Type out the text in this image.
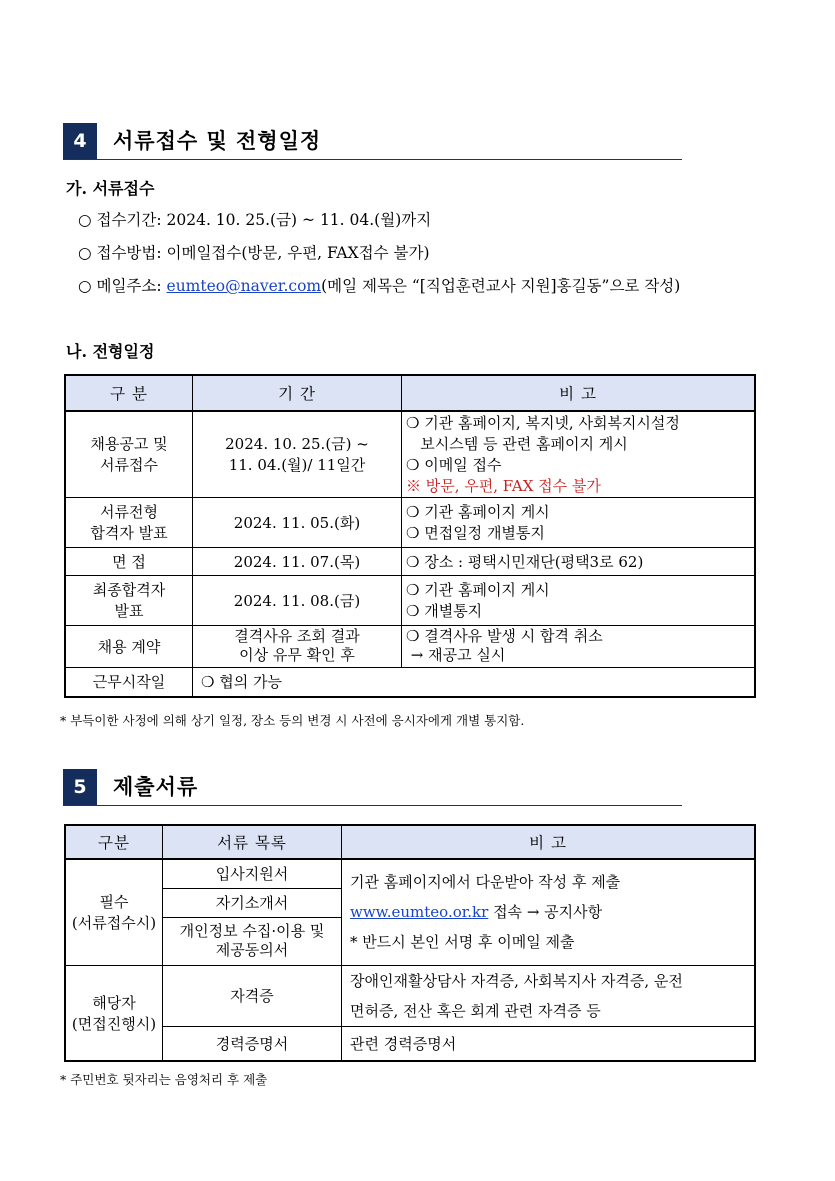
4	서류접수 및 전형일정
가. 서류접수
○ 접수기간: 2024. 10. 25.(금) ~ 11. 04.(월)까지
○ 접수방법: 이메일접수(방문, 우편, FAX접수 불가)
○ 메일주소: eumteo@naver.com(메일 제목은 “[직업훈련교사 지원]홍길동”으로 작성)
나. 전형일정
구 분	기 간	비 고

채용공고 및
서류접수	2024. 10. 25.(금) ~
11. 04.(월)/ 11일간	❍ 기관 홈페이지, 복지넷, 사회복지시설정
보시스템 등 관련 홈페이지 게시
❍ 이메일 접수
※ 방문, 우편, FAX 접수 불가

서류전형
합격자 발표	2024. 11. 05.(화)	❍ 기관 홈페이지 게시
❍ 면접일정 개별통지

면 접	2024. 11. 07.(목)	❍ 장소 : 평택시민재단(평택3로 62)

최종합격자
발표	2024. 11. 08.(금)	❍ 기관 홈페이지 게시
❍ 개별통지

채용 계약	결격사유 조회 결과
이상 유무 확인 후	❍ 결격사유 발생 시 합격 취소
→ 재공고 실시

근무시작일	❍ 협의 가능	
* 부득이한 사정에 의해 상기 일정, 장소 등의 변경 시 사전에 응시자에게 개별 통지함.
5	제출서류
구분	서류 목록	비 고

필수
(서류접수시)	입사지원서	기관 홈페이지에서 다운받아 작성 후 제출
www.eumteo.or.kr 접속 → 공지사항
* 반드시 본인 서명 후 이메일 제출

	자기소개서	

	개인정보 수집·이용 및
제공동의서	

해당자
(면접진행시)	자격증	장애인재활상담사 자격증, 사회복지사 자격증, 운전
면허증, 전산 혹은 회계 관련 자격증 등

	경력증명서	관련 경력증명서
* 주민번호 뒷자리는 음영처리 후 제출
